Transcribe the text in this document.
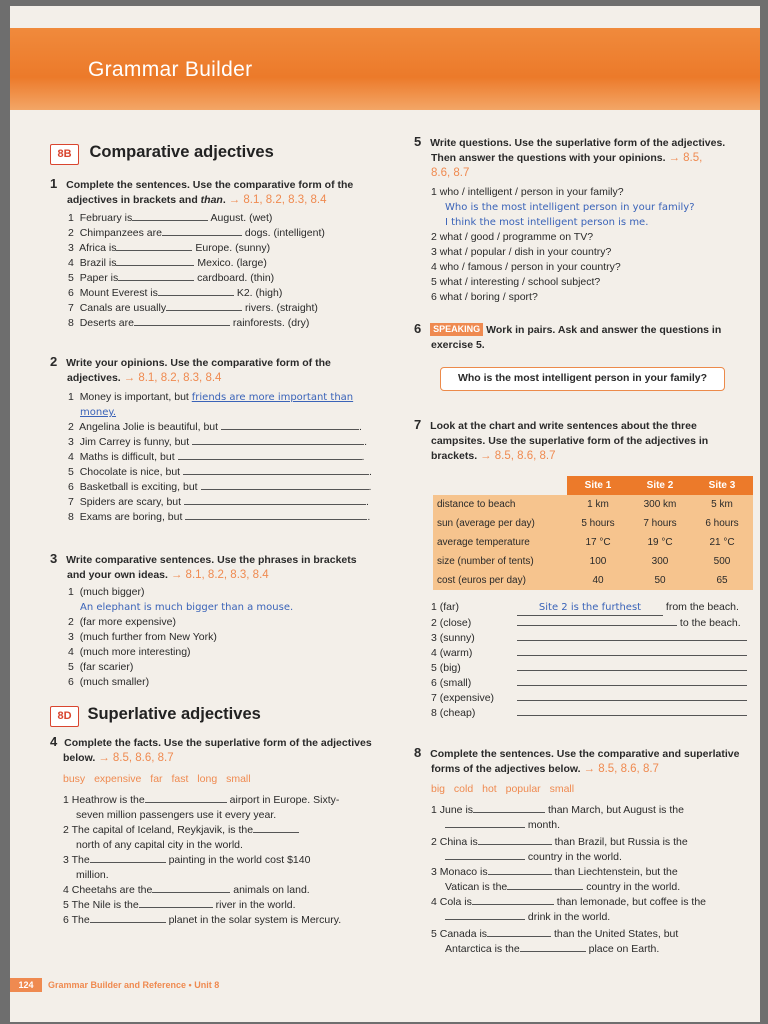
Grammar Builder
8B Comparative adjectives
1 Complete the sentences. Use the comparative form of the
adjectives in brackets and than. → 8.1, 8.2, 8.3, 8.4
1 February is	August. (wet)
2 Chimpanzees are	dogs. (intelligent)
3 Africa is	Europe. (sunny)
4 Brazil is	Mexico. (large)
5 Paper is	cardboard. (thin)
6 Mount Everest is	K2. (high)
7 Canals are usually	rivers. (straight)
8 Deserts are	rainforests. (dry)
2 Write your opinions. Use the comparative form of the
adjectives. → 8.1, 8.2, 8.3, 8.4
1 Money is important, but friends are more important than
money.
2 Angelina Jolie is beautiful, but	.
3 Jim Carrey is funny, but	.
4 Maths is difficult, but	.
5 Chocolate is nice, but	.
6 Basketball is exciting, but	.
7 Spiders are scary, but	.
8 Exams are boring, but	.
3 Write comparative sentences. Use the phrases in brackets
and your own ideas. → 8.1, 8.2, 8.3, 8.4
1 (much bigger)
An elephant is much bigger than a mouse.
2 (far more expensive)
3 (much further from New York)
4 (much more interesting)
5 (far scarier)
6 (much smaller)
8D Superlative adjectives
4 Complete the facts. Use the superlative form of the adjectives
below. → 8.5, 8.6, 8.7
busy expensive far fast long small
1 Heathrow is the	airport in Europe. Sixty-
seven million passengers use it every year.
2 The capital of Iceland, Reykjavik, is the
north of any capital city in the world.
3 The	painting in the world cost $140
million.
4 Cheetahs are the	animals on land.
5 The Nile is the	river in the world.
6 The	planet in the solar system is Mercury.
5 Write questions. Use the superlative form of the adjectives.
Then answer the questions with your opinions. → 8.5,
8.6, 8.7
1 who / intelligent / person in your family?
Who is the most intelligent person in your family?
I think the most intelligent person is me.
2 what / good / programme on TV?
3 what / popular / dish in your country?
4 who / famous / person in your country?
5 what / interesting / school subject?
6 what / boring / sport?
6 SPEAKING Work in pairs. Ask and answer the questions in
exercise 5.
Who is the most intelligent person in your family?
7 Look at the chart and write sentences about the three
campsites. Use the superlative form of the adjectives in
brackets. → 8.5, 8.6, 8.7
	Site 1	Site 2	Site 3
distance to beach	1 km	300 km	5 km
sun (average per day)	5 hours	7 hours	6 hours
average temperature	17 °C	19 °C	21 °C
size (number of tents)	100	300	500
cost (euros per day)	40	50	65
1 (far)	Site 2 is the furthest from the beach.
2 (close)	to the beach.
3 (sunny)
4 (warm)
5 (big)
6 (small)
7 (expensive)
8 (cheap)
8 Complete the sentences. Use the comparative and superlative
forms of the adjectives below. → 8.5, 8.6, 8.7
big cold hot popular small
1 June is	than March, but August is the
month.
2 China is	than Brazil, but Russia is the
country in the world.
3 Monaco is	than Liechtenstein, but the
Vatican is the	country in the world.
4 Cola is	than lemonade, but coffee is the
drink in the world.
5 Canada is	than the United States, but
Antarctica is the	place on Earth.
124 Grammar Builder and Reference • Unit 8
